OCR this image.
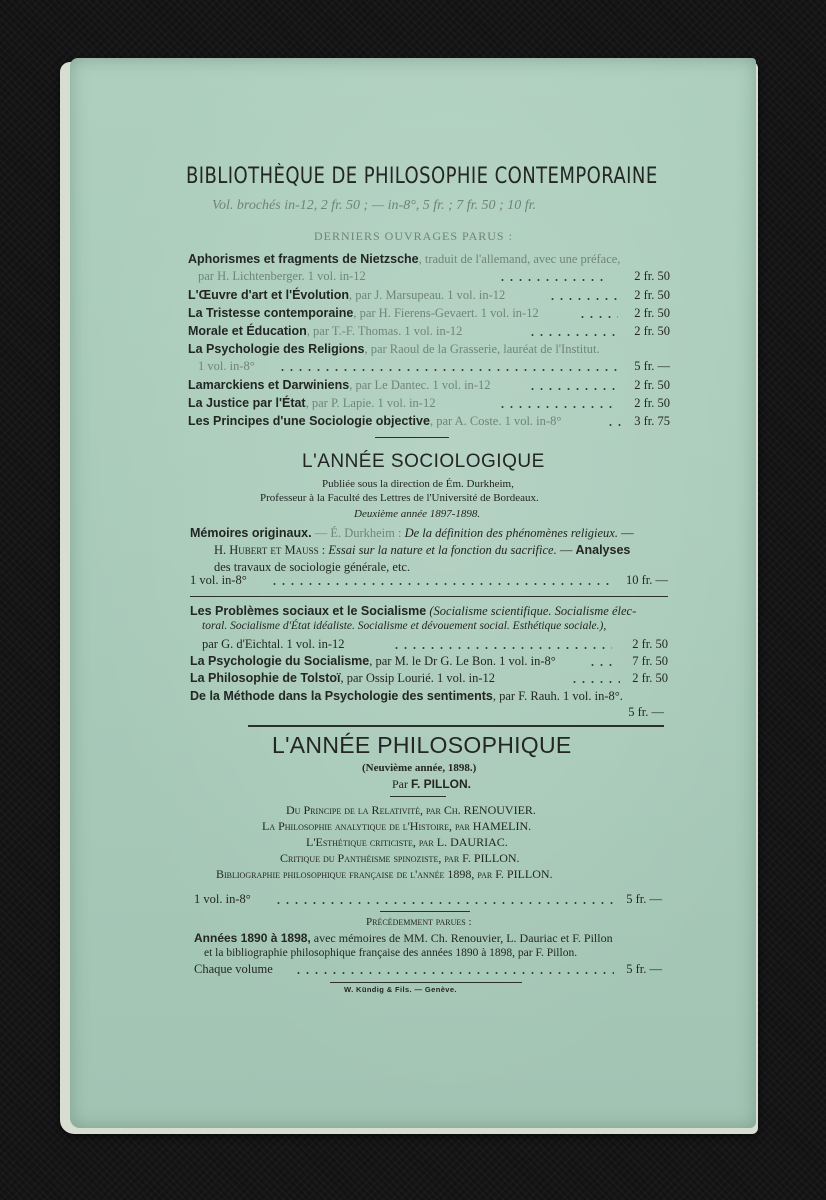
BIBLIOTHÈQUE DE PHILOSOPHIE CONTEMPORAINE
Vol. brochés in-12, 2 fr. 50 ; — in-8°, 5 fr. ; 7 fr. 50 ; 10 fr.
DERNIERS OUVRAGES PARUS :
Aphorismes et fragments de Nietzsche, traduit de l'allemand, avec une préface,
par H. Lichtenberger. 1 vol. in-12	2 fr. 50
L'Œuvre d'art et l'Évolution, par J. Marsupeau. 1 vol. in-12	2 fr. 50
La Tristesse contemporaine, par H. Fierens-Gevaert. 1 vol. in-12	2 fr. 50
Morale et Éducation, par T.-F. Thomas. 1 vol. in-12	2 fr. 50
La Psychologie des Religions, par Raoul de la Grasserie, lauréat de l'Institut.
1 vol. in-8°	5 fr. —
Lamarckiens et Darwiniens, par Le Dantec. 1 vol. in-12	2 fr. 50
La Justice par l'État, par P. Lapie. 1 vol. in-12	2 fr. 50
Les Principes d'une Sociologie objective, par A. Coste. 1 vol. in-8°	3 fr. 75
L'ANNÉE SOCIOLOGIQUE
Publiée sous la direction de Ém. Durkheim,
Professeur à la Faculté des Lettres de l'Université de Bordeaux.
Deuxième année 1897-1898.
Mémoires originaux. — É. Durkheim : De la définition des phénomènes religieux. —
H. Hubert et Mauss : Essai sur la nature et la fonction du sacrifice. — Analyses
des travaux de sociologie générale, etc.
1 vol. in-8°	10 fr. —
Les Problèmes sociaux et le Socialisme (Socialisme scientifique. Socialisme élec-
toral. Socialisme d'État idéaliste. Socialisme et dévouement social. Esthétique sociale.),
par G. d'Eichtal. 1 vol. in-12	2 fr. 50
La Psychologie du Socialisme, par M. le Dr G. Le Bon. 1 vol. in-8°	7 fr. 50
La Philosophie de Tolstoï, par Ossip Lourié. 1 vol. in-12	2 fr. 50
De la Méthode dans la Psychologie des sentiments, par F. Rauh. 1 vol. in-8°.
5 fr. —
L'ANNÉE PHILOSOPHIQUE
(Neuvième année, 1898.)
Par F. PILLON.
Du Principe de la Relativité, par Ch. RENOUVIER.
La Philosophie analytique de l'Histoire, par HAMELIN.
L'Esthétique criticiste, par L. DAURIAC.
Critique du Panthéisme spinoziste, par F. PILLON.
Bibliographie philosophique française de l'année 1898, par F. PILLON.
1 vol. in-8°	5 fr. —
Précédemment parues :
Années 1890 à 1898, avec mémoires de MM. Ch. Renouvier, L. Dauriac et F. Pillon
et la bibliographie philosophique française des années 1890 à 1898, par F. Pillon.
Chaque volume	5 fr. —
W. Kündig & Fils. — Genève.
